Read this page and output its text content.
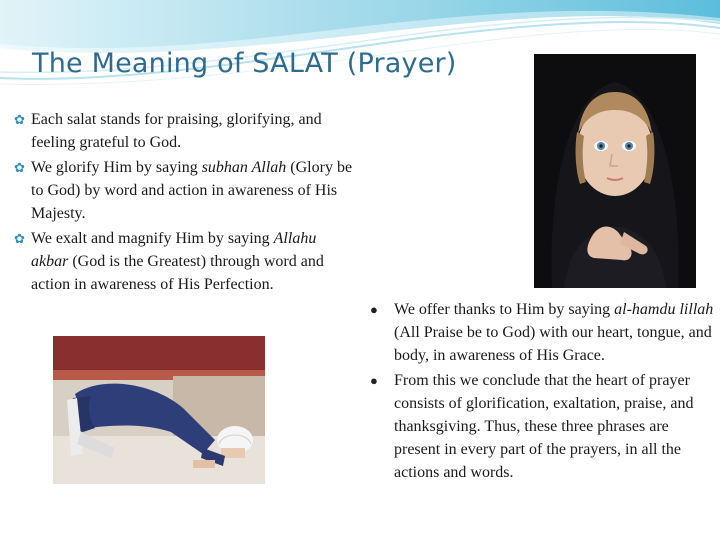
The Meaning of SALAT (Prayer)
✿ Each salat stands for praising, glorifying, and feeling grateful to God.
✿ We glorify Him by saying subhan Allah (Glory be to God) by word and action in awareness of His Majesty.
✿ We exalt and magnify Him by saying Allahu akbar (God is the Greatest) through word and action in awareness of His Perfection.
● We offer thanks to Him by saying al-hamdu lillah (All Praise be to God) with our heart, tongue, and body, in awareness of His Grace.
● From this we conclude that the heart of prayer consists of glorification, exaltation, praise, and thanksgiving. Thus, these three phrases are present in every part of the prayers, in all the actions and words.
